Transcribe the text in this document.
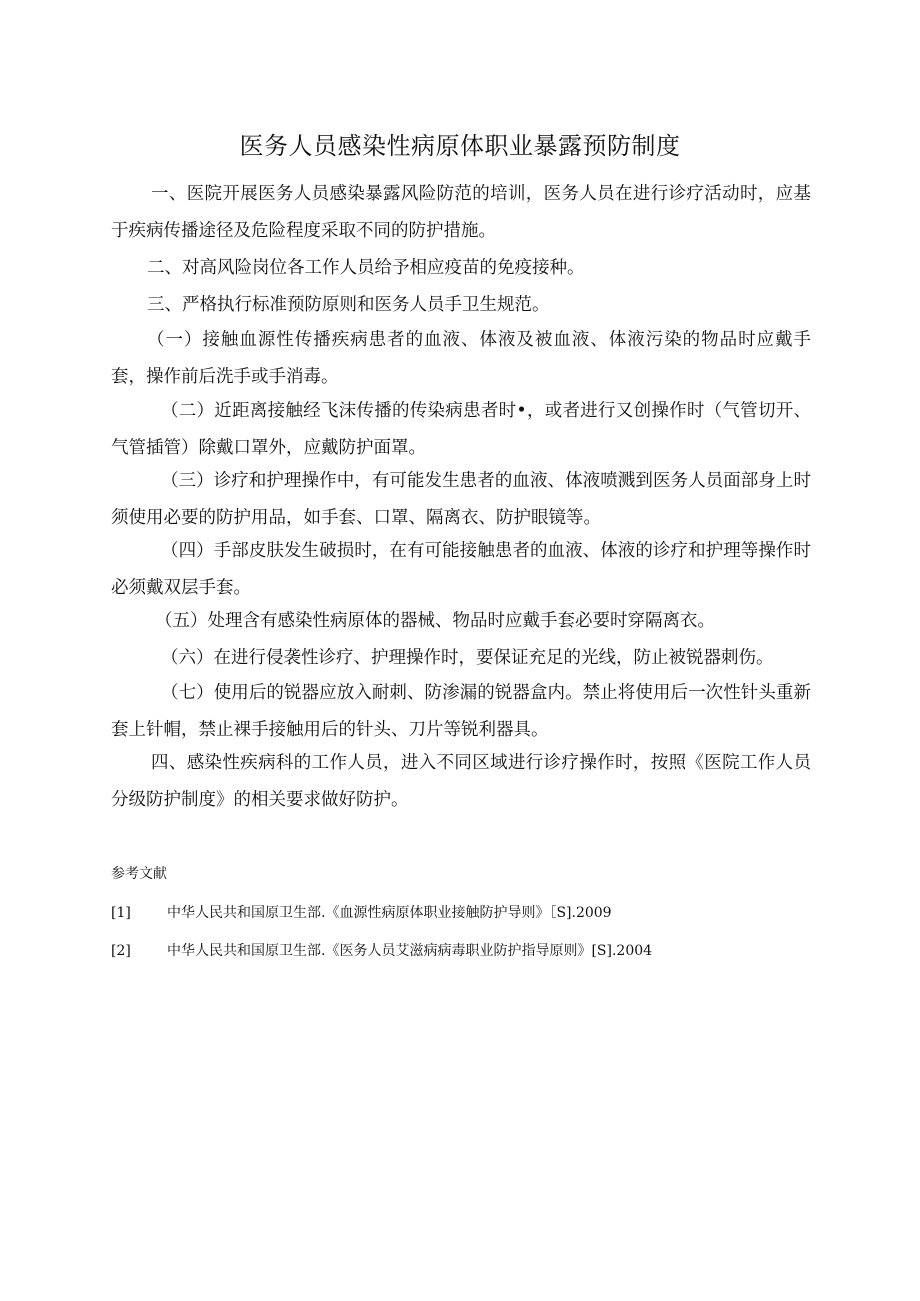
医务人员感染性病原体职业暴露预防制度
一、医院开展医务人员感染暴露风险防范的培训，医务人员在进行诊疗活动时，应基于疾病传播途径及危险程度采取不同的防护措施。
二、对高风险岗位各工作人员给予相应疫苗的免疫接种。
三、严格执行标准预防原则和医务人员手卫生规范。
（一）接触血源性传播疾病患者的血液、体液及被血液、体液污染的物品时应戴手套，操作前后洗手或手消毒。
（二）近距离接触经飞沫传播的传染病患者时•，或者进行又创操作时（气管切开、气管插管）除戴口罩外，应戴防护面罩。
（三）诊疗和护理操作中，有可能发生患者的血液、体液喷溅到医务人员面部身上时须使用必要的防护用品，如手套、口罩、隔离衣、防护眼镜等。
（四）手部皮肤发生破损时，在有可能接触患者的血液、体液的诊疗和护理等操作时必须戴双层手套。
（五）处理含有感染性病原体的器械、物品时应戴手套必要时穿隔离衣。
（六）在进行侵袭性诊疗、护理操作时，要保证充足的光线，防止被锐器刺伤。
（七）使用后的锐器应放入耐刺、防渗漏的锐器盒内。禁止将使用后一次性针头重新套上针帽，禁止裸手接触用后的针头、刀片等锐利器具。
四、感染性疾病科的工作人员，进入不同区域进行诊疗操作时，按照《医院工作人员分级防护制度》的相关要求做好防护。
参考文献
[1]	中华人民共和国原卫生部.《血源性病原体职业接触防护导则》［S].2009
[2]	中华人民共和国原卫生部.《医务人员艾滋病病毒职业防护指导原则》[S].2004
